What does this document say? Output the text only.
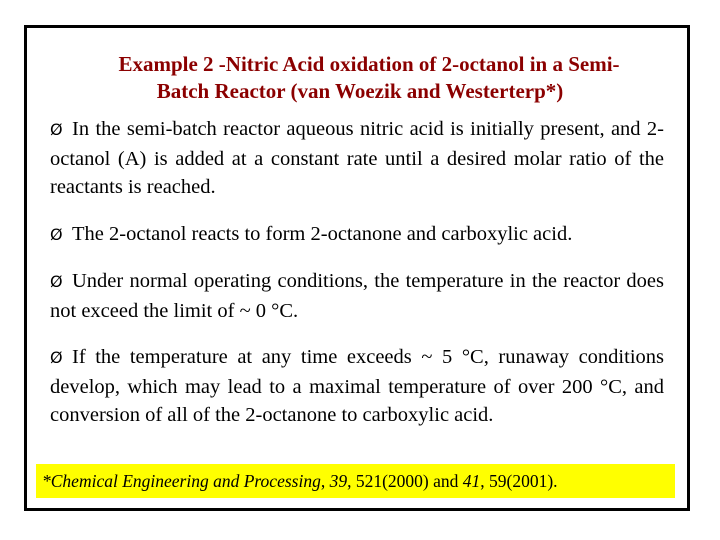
Example 2 -Nitric Acid oxidation of 2-octanol in a Semi-
Batch Reactor (van Woezik and Westerterp*)

Ø In the semi-batch reactor aqueous nitric acid is initially present, and 2- octanol (A) is added at a constant rate until a desired molar ratio of the reactants is reached.

Ø The 2-octanol reacts to form 2-octanone and carboxylic acid.

Ø Under normal operating conditions, the temperature in the reactor does not exceed the limit of ~ 0 °C.

Ø If the temperature at any time exceeds ~ 5 °C, runaway conditions develop, which may lead to a maximal temperature of over 200 °C, and conversion of all of the 2-octanone to carboxylic acid.

*Chemical Engineering and Processing, 39, 521(2000) and 41, 59(2001).
